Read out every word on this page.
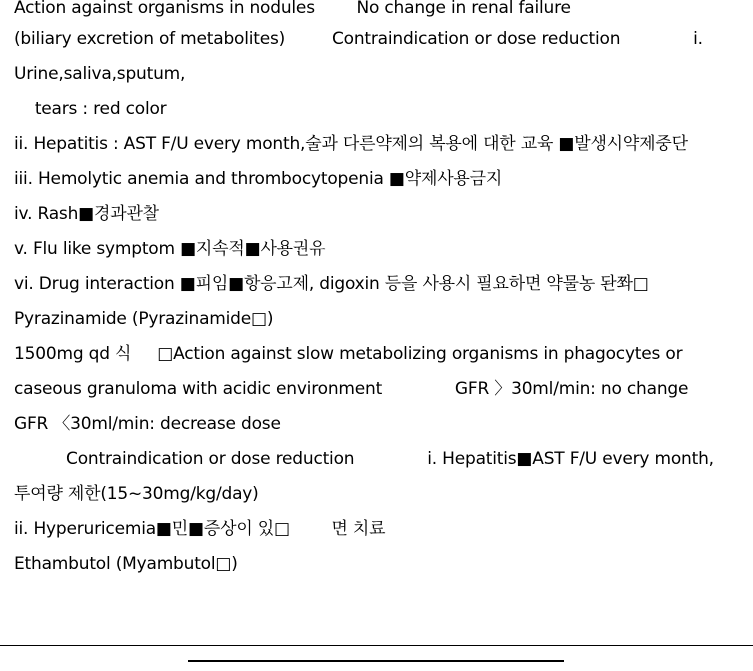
Action against organisms in nodules        No change in renal failure
(biliary excretion of metabolites)         Contraindication or dose reduction              i.
Urine,saliva,sputum,
tears : red color
ii. Hepatitis : AST F/U every month,술과 다른약제의 복용에 대한 교육 ■발생시약제중단
iii. Hemolytic anemia and thrombocytopenia ■약제사용금지
iv. Rash■경과관찰
v. Flu like symptom ■지속적■사용권유
vi. Drug interaction ■피임■항응고제, digoxin 등을 사용시 필요하면 약물농 돤쫘□
Pyrazinamide (Pyrazinamide□)
1500mg qd 식     □Action against slow metabolizing organisms in phagocytes or
caseous granuloma with acidic environment              GFR 〉30ml/min: no change
GFR 〈30ml/min: decrease dose
Contraindication or dose reduction              i. Hepatitis■AST F/U every month,
투여량 제한(15~30mg/kg/day)
ii. Hyperuricemia■민■증상이 있□        면 치료
Ethambutol (Myambutol□)
